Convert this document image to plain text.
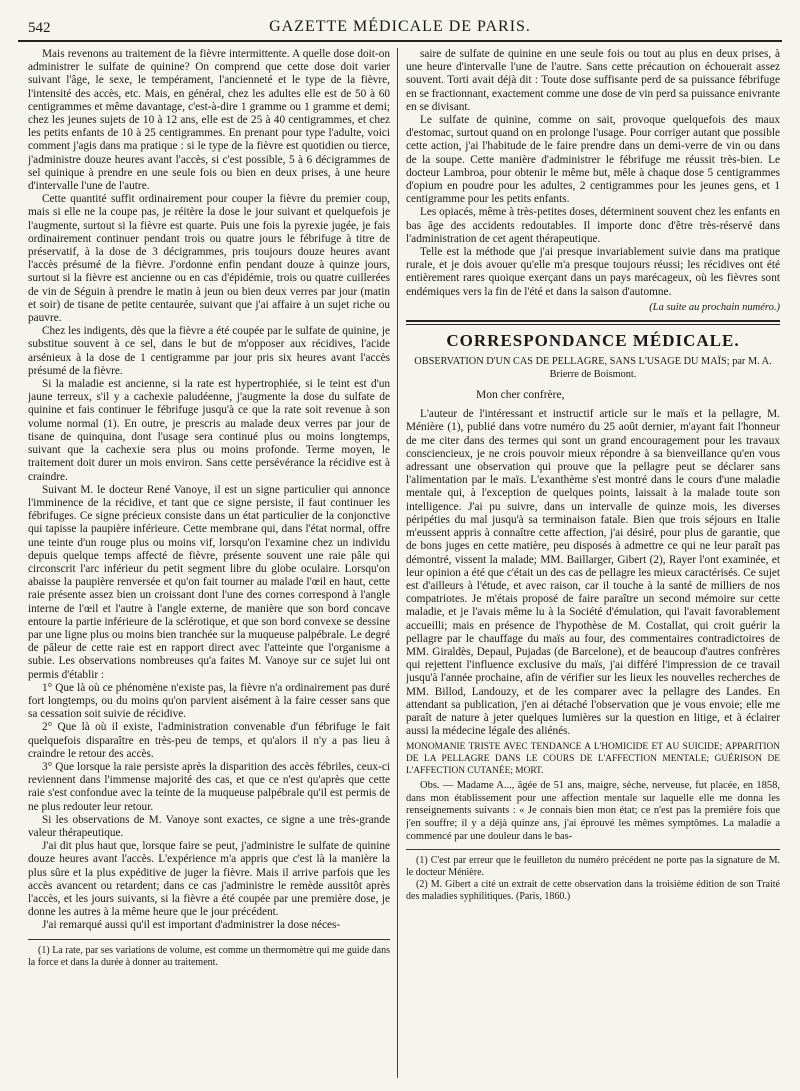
542	GAZETTE MÉDICALE DE PARIS.

Mais revenons au traitement de la fièvre intermittente. A quelle dose doit-on administrer le sulfate de quinine? On comprend que cette dose doit varier suivant l'âge, le sexe, le tempérament, l'ancienneté et le type de la fièvre, l'intensité des accès, etc. Mais, en général, chez les adultes elle est de 50 à 60 centigrammes et même davantage, c'est-à-dire 1 gramme ou 1 gramme et demi; chez les jeunes sujets de 10 à 12 ans, elle est de 25 à 40 centigrammes, et chez les petits enfants de 10 à 25 centigrammes. En prenant pour type l'adulte, voici comment j'agis dans ma pratique : si le type de la fièvre est quotidien ou tierce, j'administre douze heures avant l'accès, si c'est possible, 5 à 6 décigrammes de sel quinique à prendre en une seule fois ou bien en deux prises, à une heure d'intervalle l'une de l'autre.

Cette quantité suffit ordinairement pour couper la fièvre du premier coup, mais si elle ne la coupe pas, je réitère la dose le jour suivant et quelquefois je l'augmente, surtout si la fièvre est quarte. Puis une fois la pyrexie jugée, je fais ordinairement continuer pendant trois ou quatre jours le fébrifuge à titre de préservatif, à la dose de 3 décigrammes, pris toujours douze heures avant l'accès présumé de la fièvre. J'ordonne enfin pendant douze à quinze jours, surtout si la fièvre est ancienne ou en cas d'épidémie, trois ou quatre cuillerées de vin de Séguin à prendre le matin à jeun ou bien deux verres par jour (matin et soir) de tisane de petite centaurée, suivant que j'ai affaire à un sujet riche ou pauvre.

Chez les indigents, dès que la fièvre a été coupée par le sulfate de quinine, je substitue souvent à ce sel, dans le but de m'opposer aux récidives, l'acide arsénieux à la dose de 1 centigramme par jour pris six heures avant l'accès présumé de la fièvre.

Si la maladie est ancienne, si la rate est hypertrophiée, si le teint est d'un jaune terreux, s'il y a cachexie paludéenne, j'augmente la dose du sulfate de quinine et fais continuer le fébrifuge jusqu'à ce que la rate soit revenue à son volume normal (1). En outre, je prescris au malade deux verres par jour de tisane de quinquina, dont l'usage sera continué plus ou moins longtemps, suivant que la cachexie sera plus ou moins profonde. Terme moyen, le traitement doit durer un mois environ. Sans cette persévérance la récidive est à craindre.

Suivant M. le docteur René Vanoye, il est un signe particulier qui annonce l'imminence de la récidive, et tant que ce signe persiste, il faut continuer les fébrifuges. Ce signe précieux consiste dans un état particulier de la conjonctive qui tapisse la paupière inférieure. Cette membrane qui, dans l'état normal, offre une teinte d'un rouge plus ou moins vif, lorsqu'on l'examine chez un individu depuis quelque temps affecté de fièvre, présente souvent une raie pâle qui circonscrit l'arc inférieur du petit segment libre du globe oculaire. Lorsqu'on abaisse la paupière renversée et qu'on fait tourner au malade l'œil en haut, cette raie présente assez bien un croissant dont l'une des cornes correspond à l'angle interne de l'œil et l'autre à l'angle externe, de manière que son bord concave entoure la partie inférieure de la sclérotique, et que son bord convexe se dessine par une ligne plus ou moins bien tranchée sur la muqueuse palpébrale. Le degré de pâleur de cette raie est en rapport direct avec l'atteinte que l'organisme a subie. Les observations nombreuses qu'a faites M. Vanoye sur ce sujet lui ont permis d'établir :

1° Que là où ce phénomène n'existe pas, la fièvre n'a ordinairement pas duré fort longtemps, ou du moins qu'on parvient aisément à la faire cesser sans que sa cessation soit suivie de récidive.

2° Que là où il existe, l'administration convenable d'un fébrifuge le fait quelquefois disparaître en très-peu de temps, et qu'alors il n'y a pas lieu à craindre le retour des accès.

3° Que lorsque la raie persiste après la disparition des accès fébriles, ceux-ci reviennent dans l'immense majorité des cas, et que ce n'est qu'après que cette raie s'est confondue avec la teinte de la muqueuse palpébrale qu'il est permis de ne plus redouter leur retour.

Si les observations de M. Vanoye sont exactes, ce signe a une très-grande valeur thérapeutique.

J'ai dit plus haut que, lorsque faire se peut, j'administre le sulfate de quinine douze heures avant l'accès. L'expérience m'a appris que c'est là la manière la plus sûre et la plus expéditive de juger la fièvre. Mais il arrive parfois que les accès avancent ou retardent; dans ce cas j'administre le remède aussitôt après l'accès, et les jours suivants, si la fièvre a été coupée par une première dose, je donne les autres à la même heure que le jour précédent.

J'ai remarqué aussi qu'il est important d'administrer la dose néces-

(1) La rate, par ses variations de volume, est comme un thermomètre qui me guide dans la force et dans la durée à donner au traitement.

saire de sulfate de quinine en une seule fois ou tout au plus en deux prises, à une heure d'intervalle l'une de l'autre. Sans cette précaution on échouerait assez souvent. Torti avait déjà dit : Toute dose suffisante perd de sa puissance fébrifuge en se fractionnant, exactement comme une dose de vin perd sa puissance enivrante en se divisant.

Le sulfate de quinine, comme on sait, provoque quelquefois des maux d'estomac, surtout quand on en prolonge l'usage. Pour corriger autant que possible cette action, j'ai l'habitude de le faire prendre dans un demi-verre de vin ou dans de la soupe. Cette manière d'administrer le fébrifuge me réussit très-bien. Le docteur Lambroa, pour obtenir le même but, mêle à chaque dose 5 centigrammes d'opium en poudre pour les adultes, 2 centigrammes pour les jeunes gens, et 1 centigramme pour les petits enfants.

Les opiacés, même à très-petites doses, déterminent souvent chez les enfants en bas âge des accidents redoutables. Il importe donc d'être très-réservé dans l'administration de cet agent thérapeutique.

Telle est la méthode que j'ai presque invariablement suivie dans ma pratique rurale, et je dois avouer qu'elle m'a presque toujours réussi; les récidives ont été entièrement rares quoique exerçant dans un pays marécageux, où les fièvres sont endémiques vers la fin de l'été et dans la saison d'automne.

(La suite au prochain numéro.)

CORRESPONDANCE MÉDICALE.

OBSERVATION D'UN CAS DE PELLAGRE, SANS L'USAGE DU MAÏS; par M. A. Brierre de Boismont.

Mon cher confrère,

L'auteur de l'intéressant et instructif article sur le maïs et la pellagre, M. Ménière (1), publié dans votre numéro du 25 août dernier, m'ayant fait l'honneur de me citer dans des termes qui sont un grand encouragement pour les travaux consciencieux, je ne crois pouvoir mieux répondre à sa bienveillance qu'en vous adressant une observation qui prouve que la pellagre peut se déclarer sans l'alimentation par le maïs. L'exanthème s'est montré dans le cours d'une maladie mentale qui, à l'exception de quelques points, laissait à la malade toute son intelligence. J'ai pu suivre, dans un intervalle de quinze mois, les diverses péripéties du mal jusqu'à sa terminaison fatale. Bien que trois séjours en Italie m'eussent appris à connaître cette affection, j'ai désiré, pour plus de garantie, que de bons juges en cette matière, peu disposés à admettre ce qui ne leur paraît pas démontré, vissent la malade; MM. Baillarger, Gibert (2), Rayer l'ont examinée, et leur opinion a été que c'était un des cas de pellagre les mieux caractérisés. Ce sujet est d'ailleurs à l'étude, et avec raison, car il touche à la santé de milliers de nos compatriotes. Je m'étais proposé de faire paraître un second mémoire sur cette maladie, et je l'avais même lu à la Société d'émulation, qui l'avait favorablement accueilli; mais en présence de l'hypothèse de M. Costallat, qui croit guérir la pellagre par le chauffage du maïs au four, des commentaires contradictoires de MM. Giraldès, Depaul, Pujadas (de Barcelone), et de beaucoup d'autres confrères qui rejettent l'influence exclusive du maïs, j'ai différé l'impression de ce travail jusqu'à l'année prochaine, afin de vérifier sur les lieux les nouvelles recherches de MM. Billod, Landouzy, et de les comparer avec la pellagre des Landes. En attendant sa publication, j'en ai détaché l'observation que je vous envoie; elle me paraît de nature à jeter quelques lumières sur la question en litige, et à éclairer aussi la médecine légale des aliénés.

MONOMANIE TRISTE AVEC TENDANCE A L'HOMICIDE ET AU SUICIDE; APPARITION DE LA PELLAGRE DANS LE COURS DE L'AFFECTION MENTALE; GUÉRISON DE L'AFFECTION CUTANÉE; MORT.

Obs. — Madame A..., âgée de 51 ans, maigre, sèche, nerveuse, fut placée, en 1858, dans mon établissement pour une affection mentale sur laquelle elle me donna les renseignements suivants : « Je connais bien mon état; ce n'est pas la première fois que j'en souffre; il y a déjà quinze ans, j'ai éprouvé les mêmes symptômes. La maladie a commencé par une douleur dans le bas-

(1) C'est par erreur que le feuilleton du numéro précédent ne porte pas la signature de M. le docteur Ménière.

(2) M. Gibert a cité un extrait de cette observation dans la troisième édition de son Traité des maladies syphilitiques. (Paris, 1860.)
